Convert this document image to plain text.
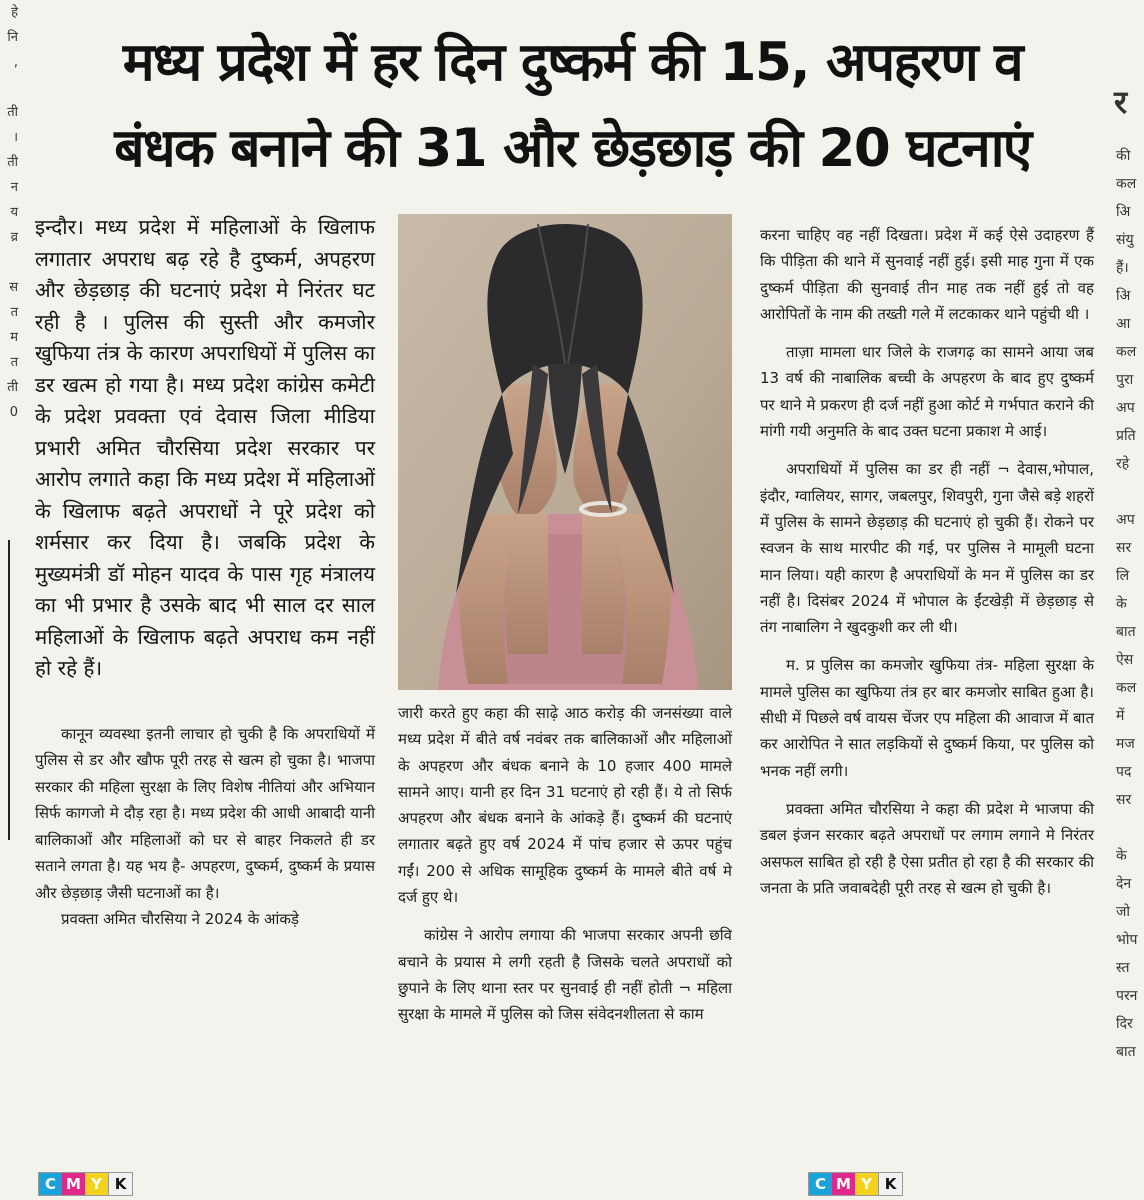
हे
नि
,

ती
।
ती
न
य
व्र

स
त
म
त
ती
0
र
की
कल
अि
संयु
हैं।
अि
आ
कल
पुरा
अप
प्रति
रहे

अप
सर
लि
के
बात
ऐस
कल
में
मज
पद
सर

के
देन
जो
भोप
स्त
परन
दिर
बात
मध्य प्रदेश में हर दिन दुष्कर्म की 15, अपहरण व
बंधक बनाने की 31 और छेड़छाड़ की 20 घटनाएं

इन्दौर। मध्य प्रदेश में महिलाओं के खिलाफ लगातार अपराध बढ़ रहे है दुष्कर्म, अपहरण और छेड़छाड़ की घटनाएं प्रदेश मे निरंतर घट रही है । पुलिस की सुस्ती और कमजोर खुफिया तंत्र के कारण अपराधियों में पुलिस का डर खत्म हो गया है। मध्य प्रदेश कांग्रेस कमेटी के प्रदेश प्रवक्ता एवं देवास जिला मीडिया प्रभारी अमित चौरसिया प्रदेश सरकार पर आरोप लगाते कहा कि मध्य प्रदेश में महिलाओं के खिलाफ बढ़ते अपराधों ने पूरे प्रदेश को शर्मसार कर दिया है। जबकि प्रदेश के मुख्यमंत्री डॉ मोहन यादव के पास गृह मंत्रालय का भी प्रभार है उसके बाद भी साल दर साल महिलाओं के खिलाफ बढ़ते अपराध कम नहीं हो रहे हैं।

कानून व्यवस्था इतनी लाचार हो चुकी है कि अपराधियों में पुलिस से डर और खौफ पूरी तरह से खत्म हो चुका है। भाजपा सरकार की महिला सुरक्षा के लिए विशेष नीतियां और अभियान सिर्फ कागजो मे दौड़ रहा है। मध्य प्रदेश की आधी आबादी यानी बालिकाओं और महिलाओं को घर से बाहर निकलते ही डर सताने लगता है। यह भय है- अपहरण, दुष्कर्म, दुष्कर्म के प्रयास और छेड़छाड़ जैसी घटनाओं का है।

प्रवक्ता अमित चौरसिया ने 2024 के आंकड़े

जारी करते हुए कहा की साढ़े आठ करोड़ की जनसंख्या वाले मध्य प्रदेश में बीते वर्ष नवंबर तक बालिकाओं और महिलाओं के अपहरण और बंधक बनाने के 10 हजार 400 मामले सामने आए। यानी हर दिन 31 घटनाएं हो रही हैं। ये तो सिर्फ अपहरण और बंधक बनाने के आंकड़े हैं। दुष्कर्म की घटनाएं लगातार बढ़ते हुए वर्ष 2024 में पांच हजार से ऊपर पहुंच गईं। 200 से अधिक सामूहिक दुष्कर्म के मामले बीते वर्ष मे दर्ज हुए थे।

कांग्रेस ने आरोप लगाया की भाजपा सरकार अपनी छवि बचाने के प्रयास मे लगी रहती है जिसके चलते अपराधों को छुपाने के लिए थाना स्तर पर सुनवाई ही नहीं होती ¬ महिला सुरक्षा के मामले में पुलिस को जिस संवेदनशीलता से काम

करना चाहिए वह नहीं दिखता। प्रदेश में कई ऐसे उदाहरण हैं कि पीड़िता की थाने में सुनवाई नहीं हुई। इसी माह गुना में एक दुष्कर्म पीड़िता की सुनवाई तीन माह तक नहीं हुई तो वह आरोपितों के नाम की तख्ती गले में लटकाकर थाने पहुंची थी ।

ताज़ा मामला धार जिले के राजगढ़ का सामने आया जब 13 वर्ष की नाबालिक बच्ची के अपहरण के बाद हुए दुष्कर्म पर थाने मे प्रकरण ही दर्ज नहीं हुआ कोर्ट मे गर्भपात कराने की मांगी गयी अनुमति के बाद उक्त घटना प्रकाश मे आई।

अपराधियों में पुलिस का डर ही नहीं ¬ देवास,भोपाल, इंदौर, ग्वालियर, सागर, जबलपुर, शिवपुरी, गुना जैसे बड़े शहरों में पुलिस के सामने छेड़छाड़ की घटनाएं हो चुकी हैं। रोकने पर स्वजन के साथ मारपीट की गई, पर पुलिस ने मामूली घटना मान लिया। यही कारण है अपराधियों के मन में पुलिस का डर नहीं है। दिसंबर 2024 में भोपाल के ईंटखेड़ी में छेड़छाड़ से तंग नाबालिग ने खुदकुशी कर ली थी।

म. प्र पुलिस का कमजोर खुफिया तंत्र- महिला सुरक्षा के मामले पुलिस का खुफिया तंत्र हर बार कमजोर साबित हुआ है। सीधी में पिछले वर्ष वायस चेंजर एप महिला की आवाज में बात कर आरोपित ने सात लड़कियों से दुष्कर्म किया, पर पुलिस को भनक नहीं लगी।

प्रवक्ता अमित चौरसिया ने कहा की प्रदेश मे भाजपा की डबल इंजन सरकार बढ़ते अपराधों पर लगाम लगाने मे निरंतर असफल साबित हो रही है ऐसा प्रतीत हो रहा है की सरकार की जनता के प्रति जवाबदेही पूरी तरह से खत्म हो चुकी है।

C M Y K	C M Y K
